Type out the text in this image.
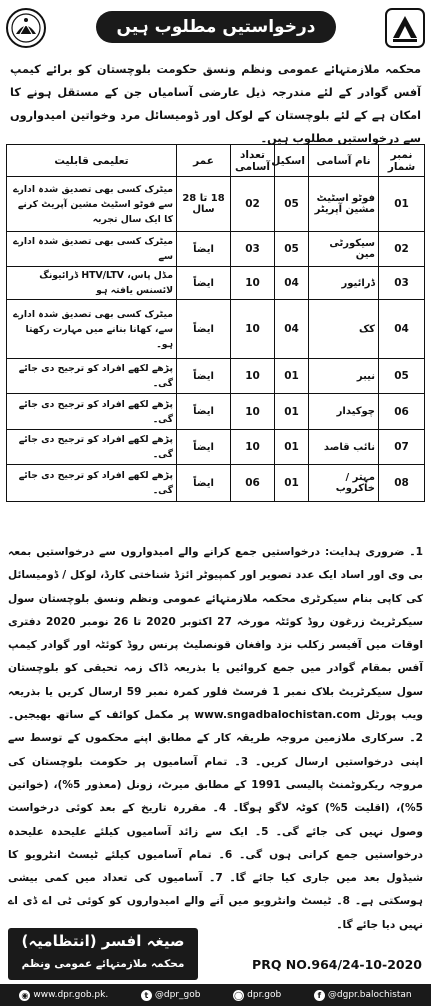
درخواستیں مطلوب ہیں
محکمہ ملازمتہائے عمومی ونظم ونسق حکومت بلوچستان کو برائے کیمپ آفس گوادر کے لئے مندرجہ ذیل عارضی آسامیاں جن کے مستقل ہونے کا امکان ہے کے لئے بلوچستان کے لوکل اور ڈومیسائل مرد وخواتین امیدواروں سے درخواستیں مطلوب ہیں۔
نمبر شمار	نام آسامی	اسکیل	تعداد آسامی	عمر	تعلیمی قابلیت
01	فوٹو اسٹیٹ مشین آپریٹر	05	02	18 تا 28 سال	میٹرک کسی بھی تصدیق شدہ ادارے سے فوٹو اسٹیٹ مشین آپریٹ کرنے کا ایک سال تجربہ
02	سیکورٹی مین	05	03	ایضاً	میٹرک کسی بھی تصدیق شدہ ادارے سے
03	ڈرائیور	04	10	ایضاً	مڈل پاس، HTV/LTV ڈرائیونگ لائسنس یافتہ ہو
04	کک	04	10	ایضاً	میٹرک کسی بھی تصدیق شدہ ادارے سے، کھانا بنانے میں مہارت رکھتا ہو۔
05	نیبر	01	10	ایضاً	پڑھے لکھے افراد کو ترجیح دی جائے گی۔
06	چوکیدار	01	10	ایضاً	پڑھے لکھے افراد کو ترجیح دی جائے گی۔
07	نائب قاصد	01	10	ایضاً	پڑھے لکھے افراد کو ترجیح دی جائے گی۔
08	مہتر / خاکروب	01	06	ایضاً	پڑھے لکھے افراد کو ترجیح دی جائے گی۔
1۔ ضروری ہدایت: درخواستیں جمع کرانے والے امیدواروں سے درخواستیں بمعہ بی وی اور اساد ایک عدد تصویر اور کمپیوٹر ائزڈ شناختی کارڈ، لوکل / ڈومیسائل کی کاپی بنام سیکرٹری محکمہ ملازمتہائے عمومی ونظم ونسق بلوچستان سول سیکرٹریٹ زرغون روڈ کوئٹہ مورخہ 27 اکتوبر 2020 تا 26 نومبر 2020 دفتری اوقات میں آفیسر زکلب نزد وافغان قونصلیٹ پرنس روڈ کوئٹہ اور گوادر کیمپ آفس بمقام گوادر میں جمع کروائیں یا بذریعہ ڈاک زمہ تحیقی کو بلوچستان سول سیکرٹریٹ بلاک نمبر 1 فرسٹ فلور کمرہ نمبر 59 ارسال کریں یا بذریعہ ویب پورٹل www.sngadbalochistan.com پر مکمل کوائف کے ساتھ بھیجیں۔ 2۔ سرکاری ملازمین مروجہ طریقہ کار کے مطابق اپنے محکموں کے توسط سے اپنی درخواستیں ارسال کریں۔ 3۔ تمام آسامیوں پر حکومت بلوچستان کی مروجہ ریکروٹمنٹ پالیسی 1991 کے مطابق میرٹ، زونل (معذور 5%)، (خواتین 5%)، (اقلیت 5%) کوٹہ لاگو ہوگا۔ 4۔ مقررہ تاریخ کے بعد کوئی درخواست وصول نہیں کی جائے گی۔ 5۔ ایک سے زائد آسامیوں کیلئے علیحدہ علیحدہ درخواستیں جمع کرانی ہوں گی۔ 6۔ تمام آسامیوں کیلئے ٹیسٹ انٹرویو کا شیڈول بعد میں جاری کیا جائے گا۔ 7۔ آسامیوں کی تعداد میں کمی بیشی ہوسکتی ہے۔ 8۔ ٹیسٹ وانٹرویو میں آنے والے امیدواروں کو کوئی ٹی اے ڈی اے نہیں دیا جائے گا۔
صیغہ افسر (انتظامیہ)
محکمہ ملازمتہائے عمومی ونظم	PRQ NO.964/24-10-2020
◉ www.dpr.gob.pk.	t @dpr_gob	◯ dpr.gob	f @dgpr.balochistan
